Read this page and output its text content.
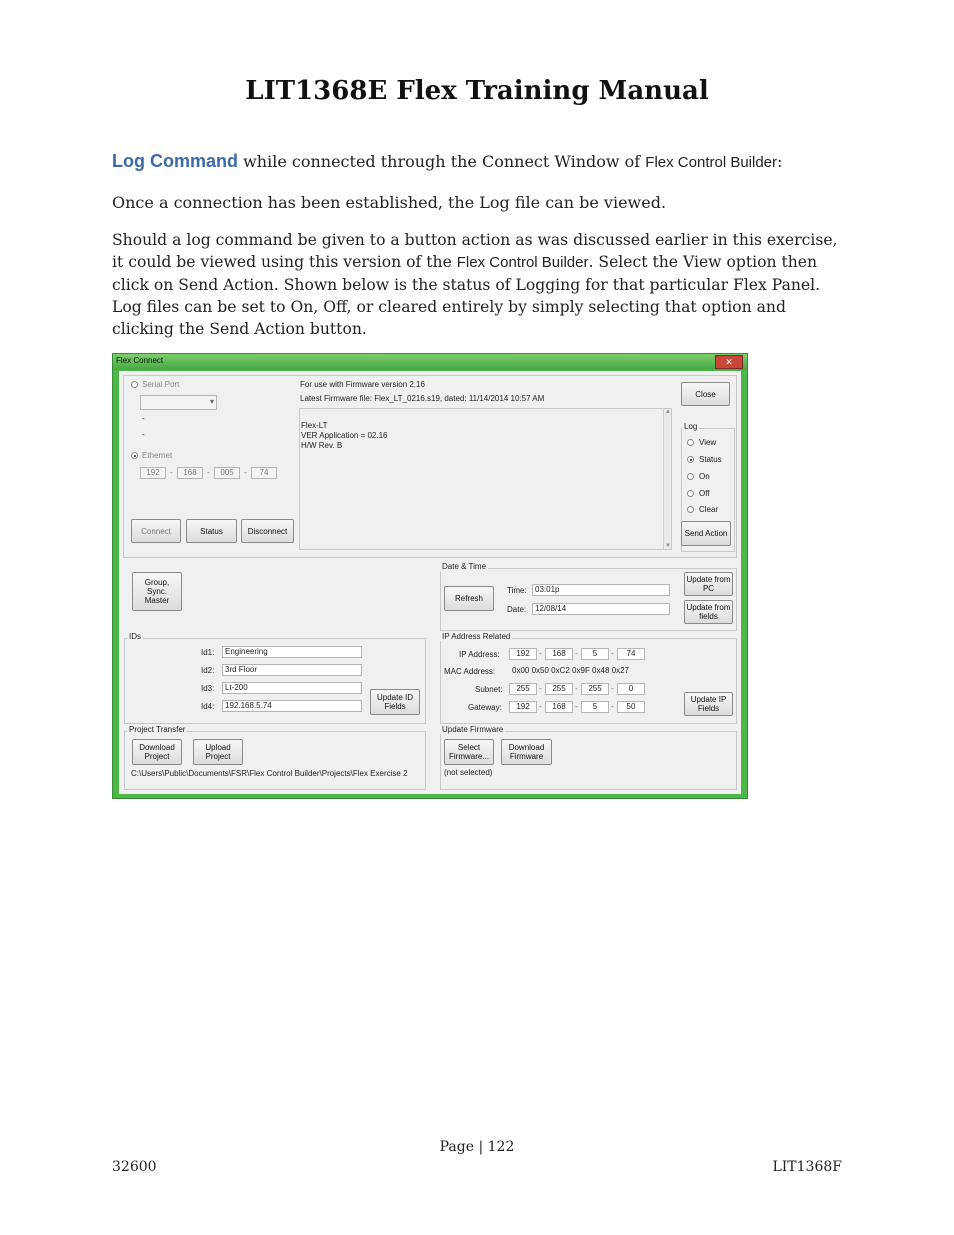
LIT1368E Flex Training Manual
Log Command while connected through the Connect Window of Flex Control Builder:
Once a connection has been established, the Log file can be viewed.
Should a log command be given to a button action as was discussed earlier in this exercise, it could be viewed using this version of the Flex Control Builder. Select the View option then click on Send Action. Shown below is the status of Logging for that particular Flex Panel. Log files can be set to On, Off, or cleared entirely by simply selecting that option and clicking the Send Action button.
Flex Connect	✕
Serial Port
▾
-
-
Ethernet
192	-	168	-	005	-	74
Connect	Status	Disconnect
For use with Firmware version 2.16
Latest Firmware file: Flex_LT_0216.s19, dated: 11/14/2014 10:57 AM
Flex-LT
VER Application = 02.16
H/W Rev. B
▲
▼
Close
Log
View
Status
On
Off
Clear
Send Action
Group, Sync. Master
Date & Time
Refresh
Time:	03:01p
Date:	12/08/14
Update from PC
Update from fields
IDs
Id1:	Engineering
Id2:	3rd Floor
Id3:	Lt-200
Id4:	192.168.5.74
Update ID Fields
IP Address Related
IP Address:	192	-	168	-	5	-	74
MAC Address: 0x00 0x50 0xC2 0x9F 0x48 0x27
Subnet:	255	-	255	-	255	-	0
Gateway:	192	-	168	-	5	-	50
Update IP Fields
Project Transfer
Download Project
Upload Project
C:\Users\Public\Documents\FSR\Flex Control Builder\Projects\Flex Exercise 2
Update Firmware
Select Firmware...
Download Firmware
(not selected)
Page | 122
32600	LIT1368F
